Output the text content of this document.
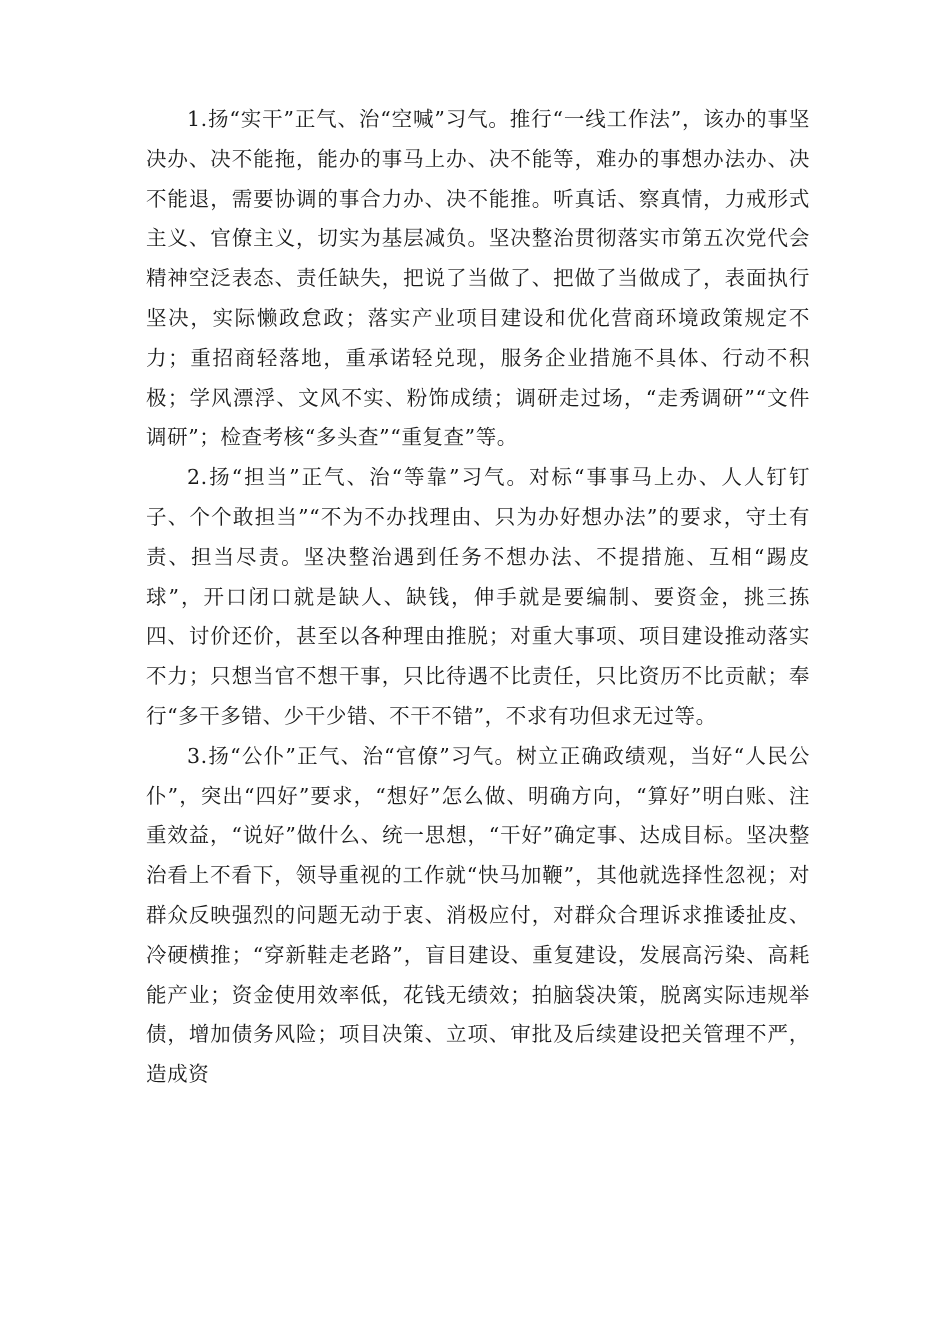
1.扬“实干”正气、治“空喊”习气。推行“一线工作法”，该办的事坚决办、决不能拖，能办的事马上办、决不能等，难办的事想办法办、决不能退，需要协调的事合力办、决不能推。听真话、察真情，力戒形式主义、官僚主义，切实为基层减负。坚决整治贯彻落实市第五次党代会精神空泛表态、责任缺失，把说了当做了、把做了当做成了，表面执行坚决，实际懒政怠政；落实产业项目建设和优化营商环境政策规定不力；重招商轻落地，重承诺轻兑现，服务企业措施不具体、行动不积极；学风漂浮、文风不实、粉饰成绩；调研走过场，“走秀调研”“文件调研”；检查考核“多头查”“重复查”等。

2.扬“担当”正气、治“等靠”习气。对标“事事马上办、人人钉钉子、个个敢担当”“不为不办找理由、只为办好想办法”的要求，守土有责、担当尽责。坚决整治遇到任务不想办法、不提措施、互相“踢皮球”，开口闭口就是缺人、缺钱，伸手就是要编制、要资金，挑三拣四、讨价还价，甚至以各种理由推脱；对重大事项、项目建设推动落实不力；只想当官不想干事，只比待遇不比责任，只比资历不比贡献；奉行“多干多错、少干少错、不干不错”，不求有功但求无过等。

3.扬“公仆”正气、治“官僚”习气。树立正确政绩观，当好“人民公仆”，突出“四好”要求，“想好”怎么做、明确方向，“算好”明白账、注重效益，“说好”做什么、统一思想，“干好”确定事、达成目标。坚决整治看上不看下，领导重视的工作就“快马加鞭”，其他就选择性忽视；对群众反映强烈的问题无动于衷、消极应付，对群众合理诉求推诿扯皮、冷硬横推；“穿新鞋走老路”，盲目建设、重复建设，发展高污染、高耗能产业；资金使用效率低，花钱无绩效；拍脑袋决策，脱离实际违规举债，增加债务风险；项目决策、立项、审批及后续建设把关管理不严，造成资
